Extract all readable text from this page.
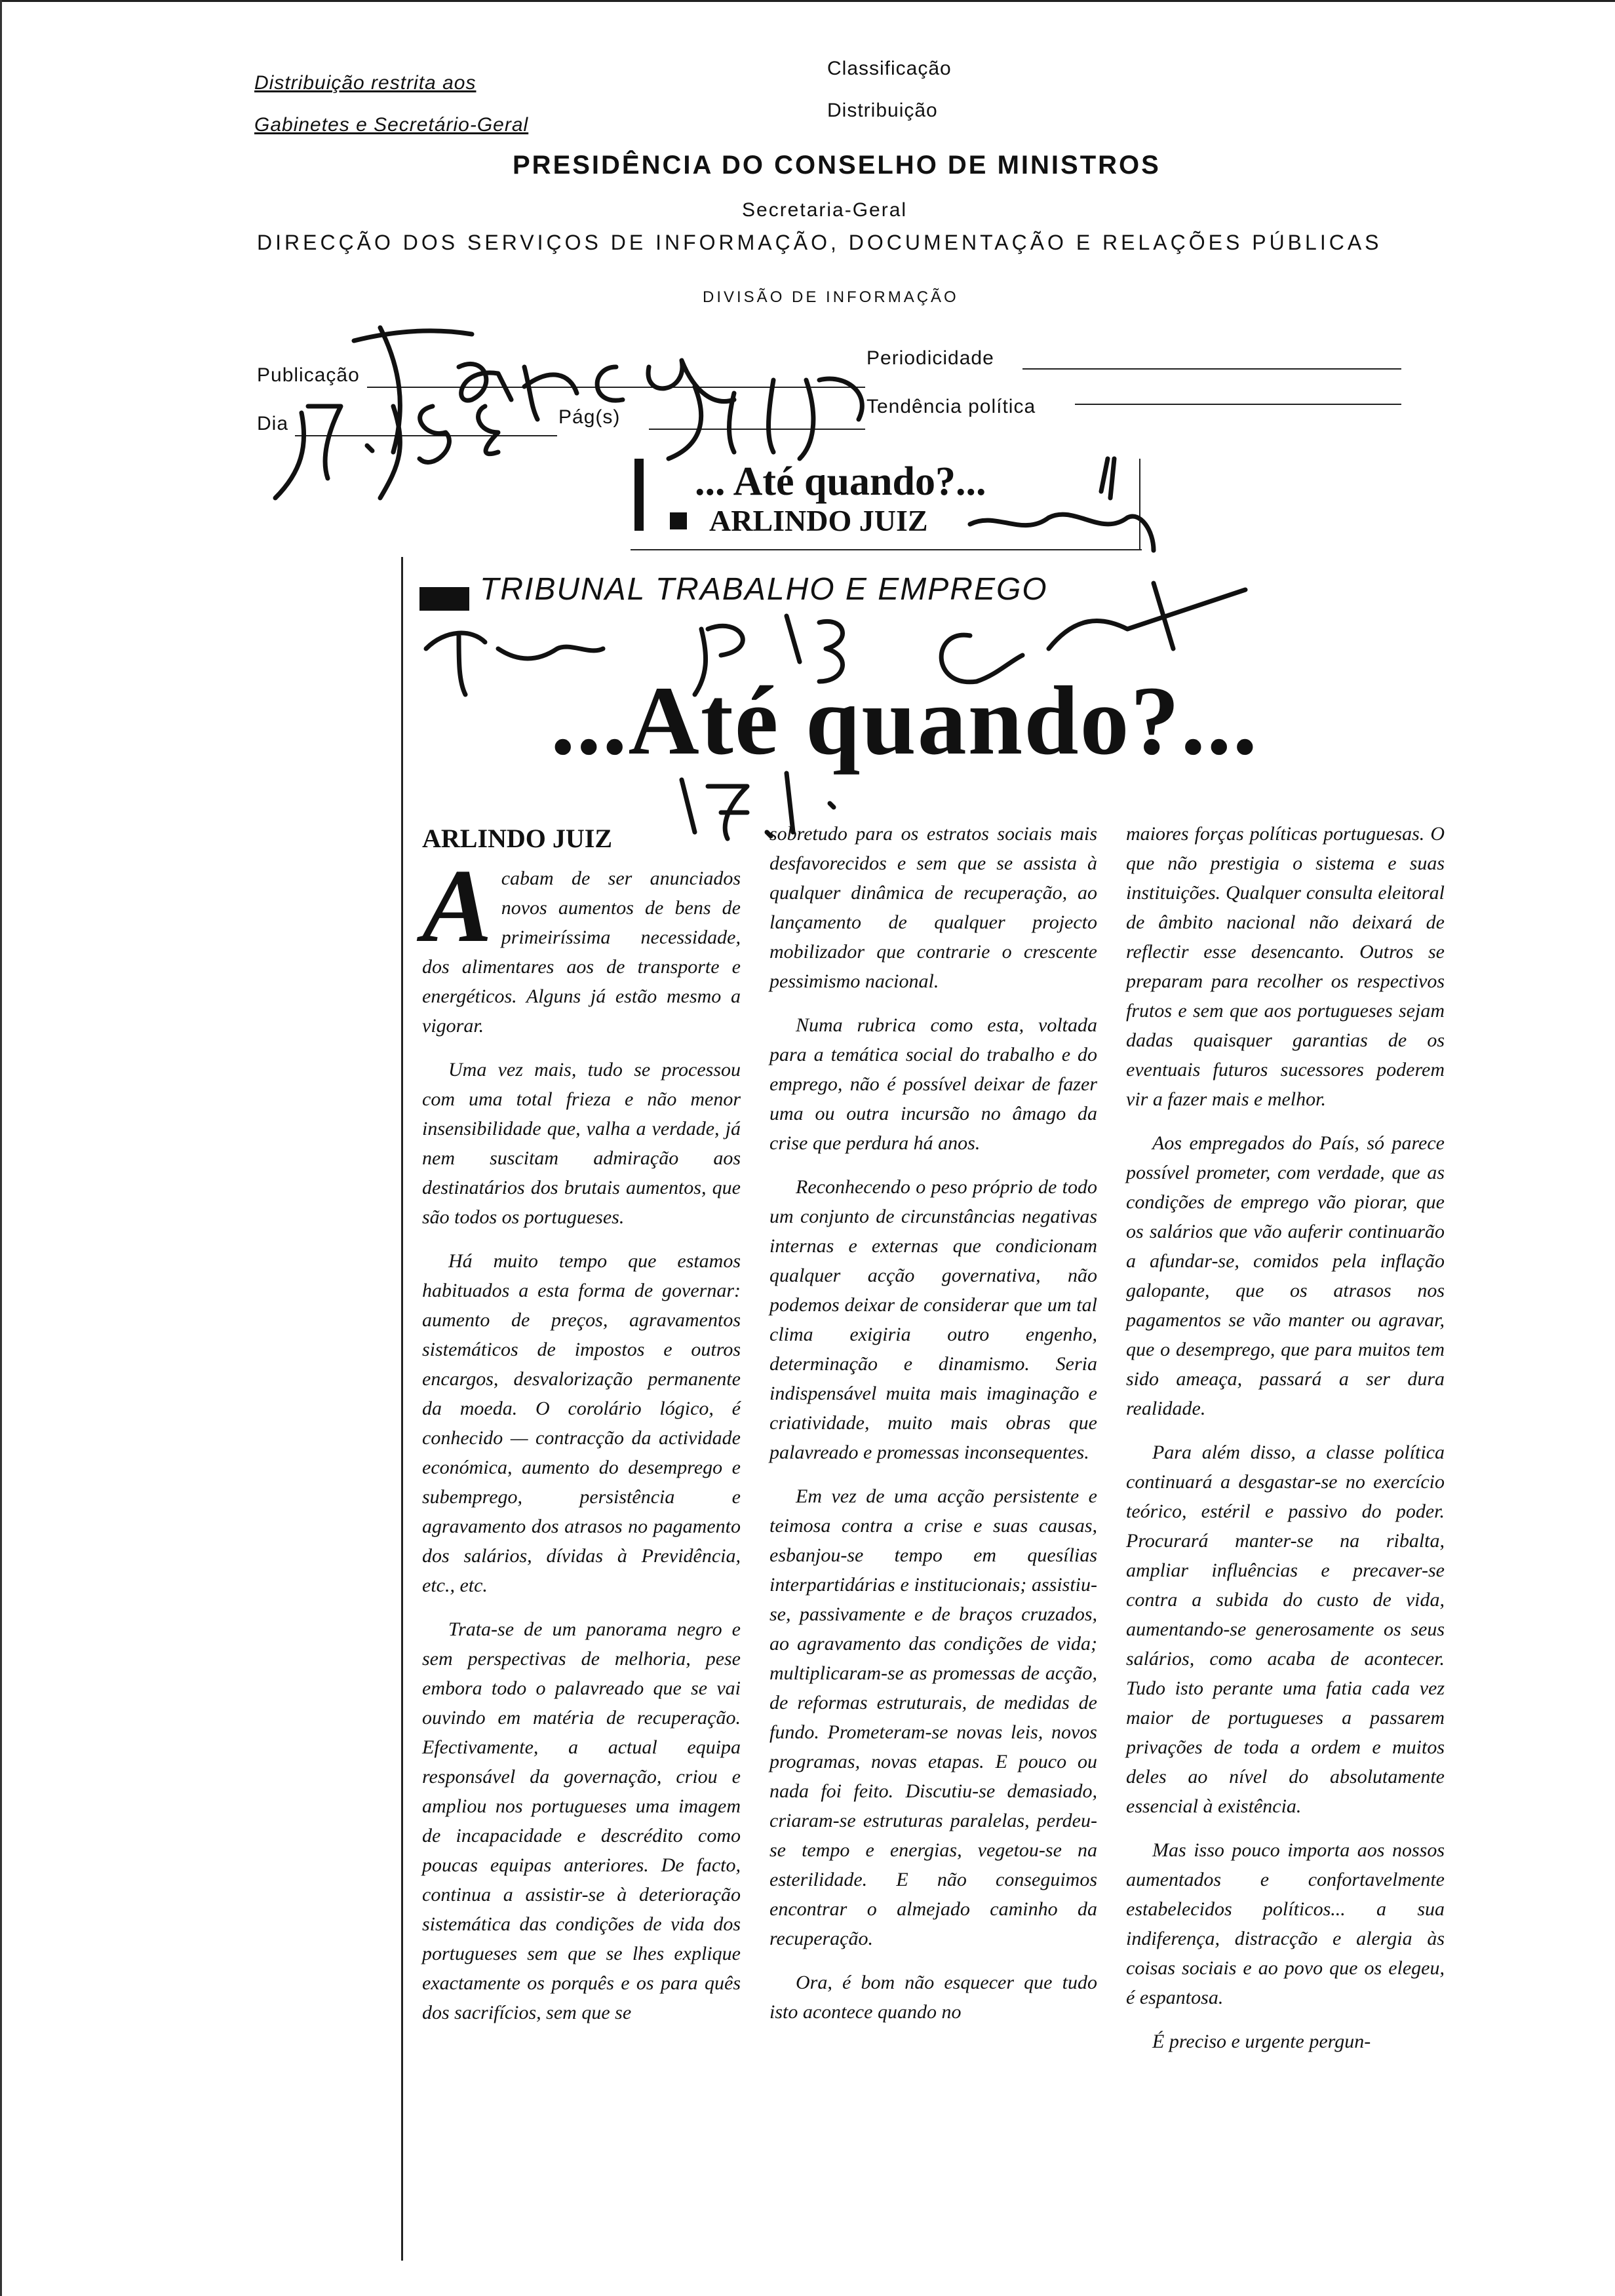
Distribuição restrita aos
Gabinetes e Secretário-Geral
Classificação
Distribuição
PRESIDÊNCIA DO CONSELHO DE MINISTROS
Secretaria-Geral
DIRECÇÃO DOS SERVIÇOS DE INFORMAÇÃO, DOCUMENTAÇÃO E RELAÇÕES PÚBLICAS
DIVISÃO DE INFORMAÇÃO
Publicação
Dia	Pág(s)
Periodicidade
Tendência política
... Até quando?...
ARLINDO JUIZ
TRIBUNAL TRABALHO E EMPREGO
...Até quando?...
ARLINDO JUIZ

Acabam de ser anunciados novos aumentos de bens de primeiríssima necessidade, dos alimentares aos de transporte e energéticos. Alguns já estão mesmo a vigorar.

Uma vez mais, tudo se processou com uma total frieza e não menor insensibilidade que, valha a verdade, já nem suscitam admiração aos destinatários dos brutais aumentos, que são todos os portugueses.

Há muito tempo que estamos habituados a esta forma de governar: aumento de preços, agravamentos sistemáticos de impostos e outros encargos, desvalorização permanente da moeda. O corolário lógico, é conhecido — contracção da actividade económica, aumento do desemprego e subemprego, persistência e agravamento dos atrasos no pagamento dos salários, dívidas à Previdência, etc., etc.

Trata-se de um panorama negro e sem perspectivas de melhoria, pese embora todo o palavreado que se vai ouvindo em matéria de recuperação. Efectivamente, a actual equipa responsável da governação, criou e ampliou nos portugueses uma imagem de incapacidade e descrédito como poucas equipas anteriores. De facto, continua a assistir-se à deterioração sistemática das condições de vida dos portugueses sem que se lhes explique exactamente os porquês e os para quês dos sacrifícios, sem que se

sobretudo para os estratos sociais mais desfavorecidos e sem que se assista à qualquer dinâmica de recuperação, ao lançamento de qualquer projecto mobilizador que contrarie o crescente pessimismo nacional.

Numa rubrica como esta, voltada para a temática social do trabalho e do emprego, não é possível deixar de fazer uma ou outra incursão no âmago da crise que perdura há anos.

Reconhecendo o peso próprio de todo um conjunto de circunstâncias negativas internas e externas que condicionam qualquer acção governativa, não podemos deixar de considerar que um tal clima exigiria outro engenho, determinação e dinamismo. Seria indispensável muita mais imaginação e criatividade, muito mais obras que palavreado e promessas inconsequentes.

Em vez de uma acção persistente e teimosa contra a crise e suas causas, esbanjou-se tempo em quesílias interpartidárias e institucionais; assistiu-se, passivamente e de braços cruzados, ao agravamento das condições de vida; multiplicaram-se as promessas de acção, de reformas estruturais, de medidas de fundo. Prometeram-se novas leis, novos programas, novas etapas. E pouco ou nada foi feito. Discutiu-se demasiado, criaram-se estruturas paralelas, perdeu-se tempo e energias, vegetou-se na esterilidade. E não conseguimos encontrar o almejado caminho da recuperação.

Ora, é bom não esquecer que tudo isto acontece quando no

maiores forças políticas portuguesas. O que não prestigia o sistema e suas instituições. Qualquer consulta eleitoral de âmbito nacional não deixará de reflectir esse desencanto. Outros se preparam para recolher os respectivos frutos e sem que aos portugueses sejam dadas quaisquer garantias de os eventuais futuros sucessores poderem vir a fazer mais e melhor.

Aos empregados do País, só parece possível prometer, com verdade, que as condições de emprego vão piorar, que os salários que vão auferir continuarão a afundar-se, comidos pela inflação galopante, que os atrasos nos pagamentos se vão manter ou agravar, que o desemprego, que para muitos tem sido ameaça, passará a ser dura realidade.

Para além disso, a classe política continuará a desgastar-se no exercício teórico, estéril e passivo do poder. Procurará manter-se na ribalta, ampliar influências e precaver-se contra a subida do custo de vida, aumentando-se generosamente os seus salários, como acaba de acontecer. Tudo isto perante uma fatia cada vez maior de portugueses a passarem privações de toda a ordem e muitos deles ao nível do absolutamente essencial à existência.

Mas isso pouco importa aos nossos aumentados e confortavelmente estabelecidos políticos... a sua indiferença, distracção e alergia às coisas sociais e ao povo que os elegeu, é espantosa.

É preciso e urgente pergun-
